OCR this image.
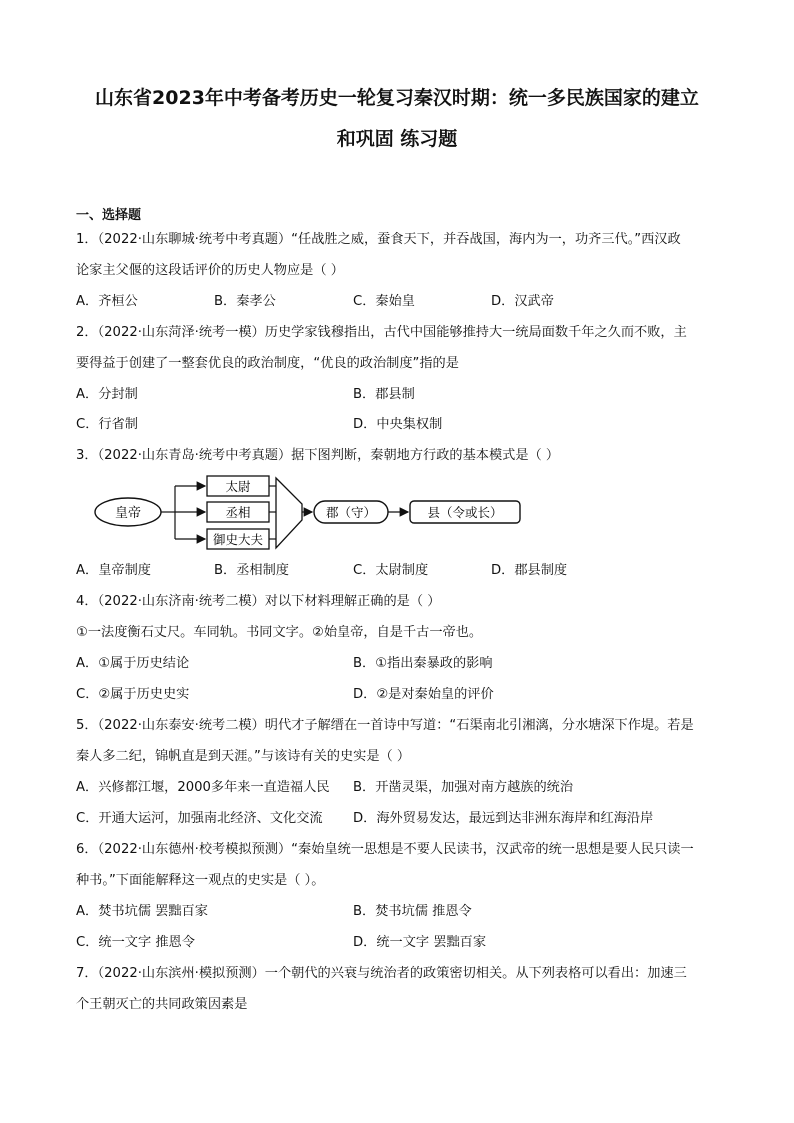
山东省2023年中考备考历史一轮复习秦汉时期：统一多民族国家的建立
和巩固 练习题
一、选择题
1．（2022·山东聊城·统考中考真题）“任战胜之威，蚕食天下，并吞战国，海内为一，功齐三代。”西汉政
论家主父偃的这段话评价的历史人物应是（ ）
A．齐桓公	B．秦孝公	C．秦始皇	D．汉武帝
2．（2022·山东菏泽·统考一模）历史学家钱穆指出，古代中国能够推持大一统局面数千年之久而不败，主
要得益于创建了一整套优良的政治制度，“优良的政治制度”指的是
A．分封制	B．郡县制
C．行省制	D．中央集权制
3．（2022·山东青岛·统考中考真题）据下图判断，秦朝地方行政的基本模式是（ ）
皇帝
太尉
丞相
御史大夫
郡（守）	县（令或长）
A．皇帝制度	B．丞相制度	C．太尉制度	D．郡县制度
4．（2022·山东济南·统考二模）对以下材料理解正确的是（ ）
①一法度衡石丈尺。车同轨。书同文字。②始皇帝，自是千古一帝也。
A．①属于历史结论	B．①指出秦暴政的影响
C．②属于历史史实	D．②是对秦始皇的评价
5．（2022·山东泰安·统考二模）明代才子解缙在一首诗中写道：“石渠南北引湘漓，分水塘深下作堤。若是
秦人多二纪，锦帆直是到天涯。”与该诗有关的史实是（ ）
A．兴修都江堰，2000多年来一直造福人民 B．开凿灵渠，加强对南方越族的统治
C．开通大运河，加强南北经济、文化交流 D．海外贸易发达，最远到达非洲东海岸和红海沿岸
6．（2022·山东德州·校考模拟预测）“秦始皇统一思想是不要人民读书，汉武帝的统一思想是要人民只读一
种书。”下面能解释这一观点的史实是（ ）。
A．焚书坑儒 罢黜百家	B．焚书坑儒 推恩令
C．统一文字 推恩令	D．统一文字 罢黜百家
7．（2022·山东滨州·模拟预测）一个朝代的兴衰与统治者的政策密切相关。从下列表格可以看出：加速三
个王朝灭亡的共同政策因素是
